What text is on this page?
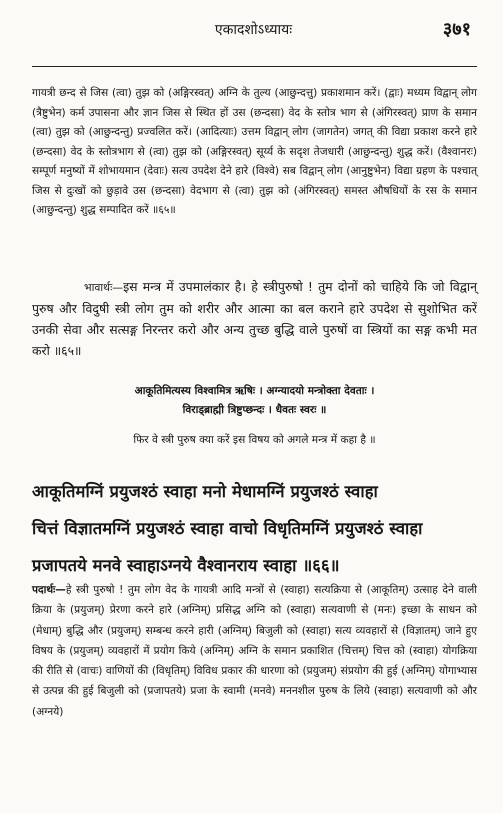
एकादशोऽध्यायः	३७१

गायत्री छन्द से जिस (त्वा) तुझ को (अङ्गिरस्वत्) अग्नि के तुल्य (आछुन्दत्तु) प्रकाशमान करें। (द्वाः) मध्यम विद्वान् लोग (त्रैष्टुभेन) कर्म उपासना और ज्ञान जिस से स्थित हों उस (छन्दसा) वेद के स्तोत्र भाग से (अंगिरस्वत्) प्राण के समान (त्वा) तुझ को (आछुन्दन्तु) प्रज्वलित करें। (आदित्याः) उत्तम विद्वान् लोग (जागतेन) जगत् की विद्या प्रकाश करने हारे (छन्दसा) वेद के स्तोत्रभाग से (त्वा) तुझ को (अङ्गिरस्वत्) सूर्य्य के सदृश तेजधारी (आछुन्दन्तु) शुद्ध करें। (वैश्वानरः) सम्पूर्ण मनुष्यों में शोभायमान (देवाः) सत्य उपदेश देने हारे (विश्वे) सब विद्वान् लोग (आनुष्टुभेन) विद्या ग्रहण के पश्चात् जिस से दुःखों को छुड़ावे उस (छन्दसा) वेदभाग से (त्वा) तुझ को (अंगिरस्वत्) समस्त औषधियों के रस के समान (आछुन्दन्तु) शुद्ध सम्पादित करें ॥६५॥

भावार्थः—इस मन्त्र में उपमालंकार है। हे स्त्रीपुरुषो ! तुम दोनों को चाहिये कि जो विद्वान् पुरुष और विदुषी स्त्री लोग तुम को शरीर और आत्मा का बल कराने हारे उपदेश से सुशोभित करें उनकी सेवा और सत्सङ्ग निरन्तर करो और अन्य तुच्छ बुद्धि वाले पुरुषों वा स्त्रियों का सङ्ग कभी मत करो ॥६५॥

आकूतिमित्यस्य विश्वामित्र ऋषिः । अग्न्यादयो मन्त्रोक्ता देवताः ।
विराड्ब्राह्मी त्रिष्टुप्छन्दः । धैवतः स्वरः ॥

फिर वे स्त्री पुरुष क्या करें इस विषय को अगले मन्त्र में कहा है ॥

आकूतिमग्निं प्रयुजश्ठं स्वाहा मनो मेधामग्निं प्रयुजश्ठं स्वाहा
चित्तं विज्ञातमग्निं प्रयुजश्ठं स्वाहा वाचो विधृतिमग्निं प्रयुजश्ठं स्वाहा
प्रजापतये मनवे स्वाहाऽग्नये वैश्वानराय स्वाहा ॥६६॥

पदार्थः—हे स्त्री पुरुषो ! तुम लोग वेद के गायत्री आदि मन्त्रों से (स्वाहा) सत्यक्रिया से (आकूतिम्) उत्साह देने वाली क्रिया के (प्रयुजम्) प्रेरणा करने हारे (अग्निम्) प्रसिद्ध अग्नि को (स्वाहा) सत्यवाणी से (मनः) इच्छा के साधन को (मेधाम्) बुद्धि और (प्रयुजम्) सम्बन्ध करने हारी (अग्निम्) बिजुली को (स्वाहा) सत्य व्यवहारों से (विज्ञातम्) जाने हुए विषय के (प्रयुजम्) व्यवहारों में प्रयोग किये (अग्निम्) अग्नि के समान प्रकाशित (चित्तम्) चित्त को (स्वाहा) योगक्रिया की रीति से (वाचः) वाणियों की (विधृतिम्) विविध प्रकार की धारणा को (प्रयुजम्) संप्रयोग की हुई (अग्निम्) योगाभ्यास से उत्पन्न की हुई बिजुली को (प्रजापतये) प्रजा के स्वामी (मनवे) मननशील पुरुष के लिये (स्वाहा) सत्यवाणी को और (अग्नये)
